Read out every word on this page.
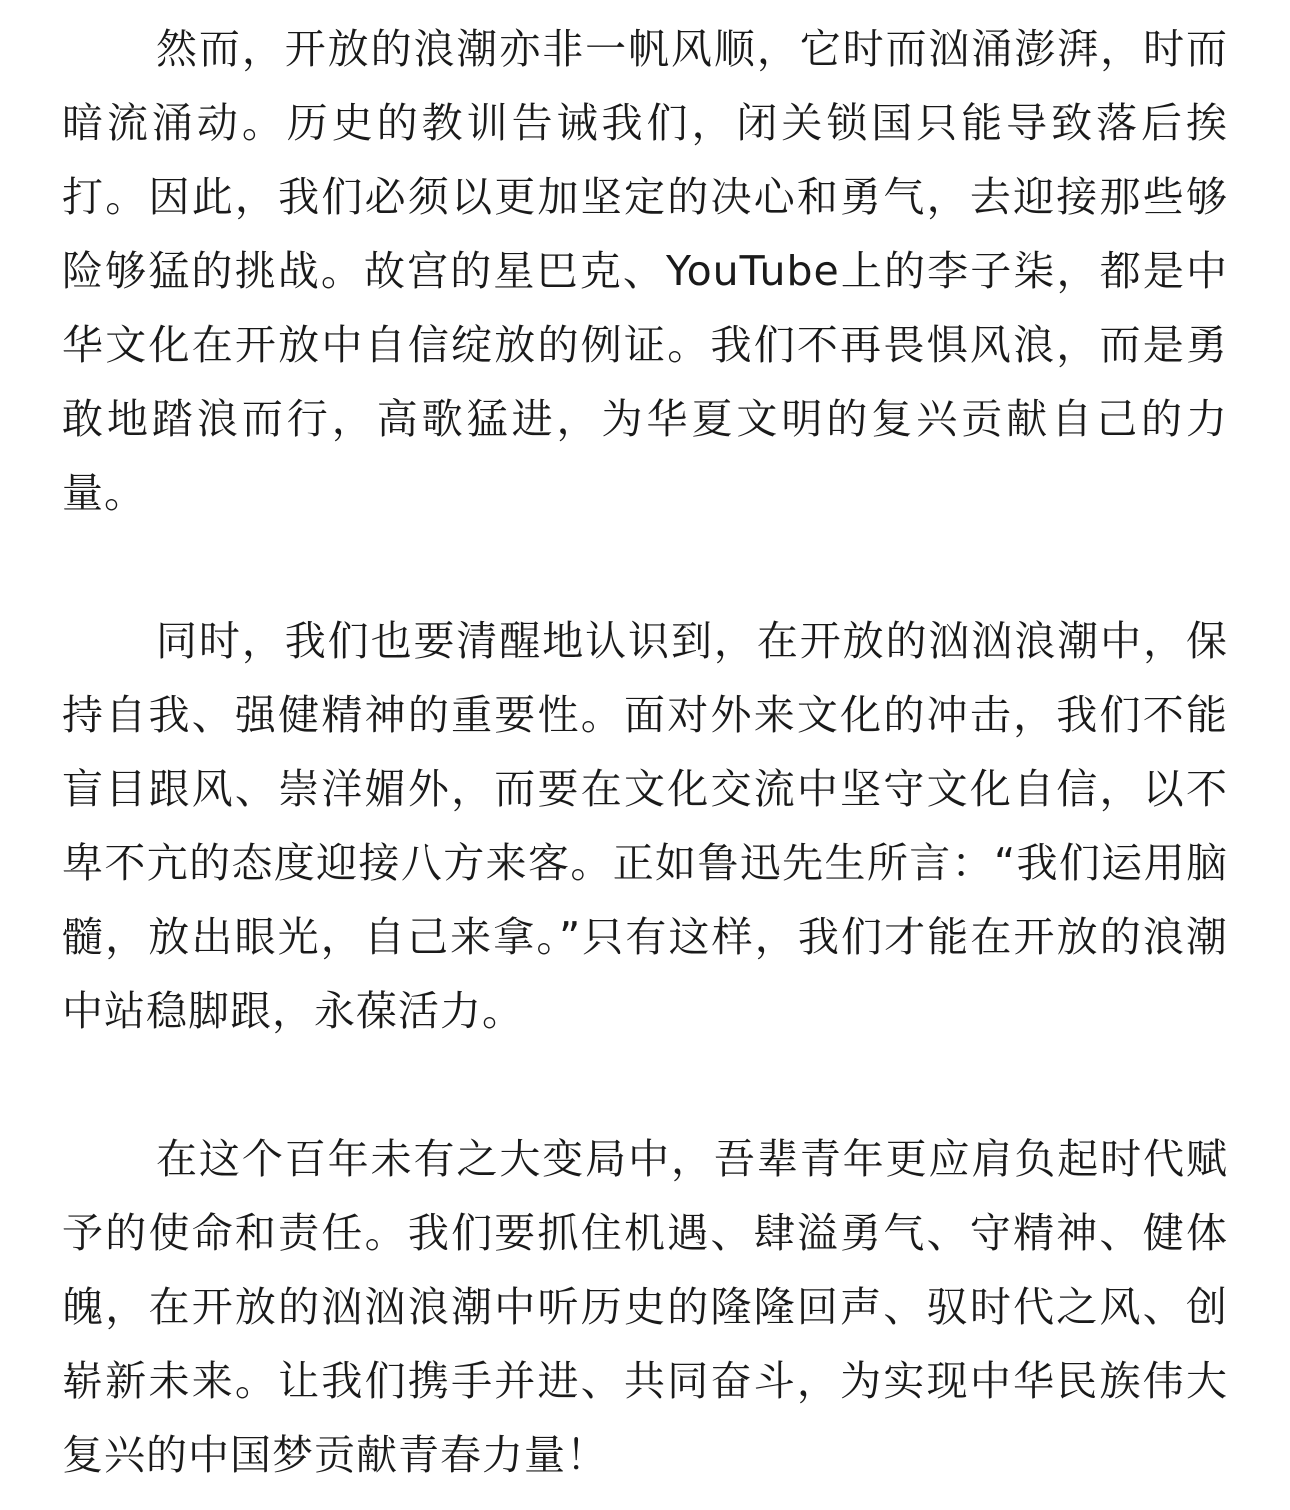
然而，开放的浪潮亦非一帆风顺，它时而汹涌澎湃，时而暗流涌动。历史的教训告诫我们，闭关锁国只能导致落后挨打。因此，我们必须以更加坚定的决心和勇气，去迎接那些够险够猛的挑战。故宫的星巴克、YouTube上的李子柒，都是中华文化在开放中自信绽放的例证。我们不再畏惧风浪，而是勇敢地踏浪而行，高歌猛进，为华夏文明的复兴贡献自己的力量。

同时，我们也要清醒地认识到，在开放的汹汹浪潮中，保持自我、强健精神的重要性。面对外来文化的冲击，我们不能盲目跟风、崇洋媚外，而要在文化交流中坚守文化自信，以不卑不亢的态度迎接八方来客。正如鲁迅先生所言：“我们运用脑髓，放出眼光，自己来拿。”只有这样，我们才能在开放的浪潮中站稳脚跟，永葆活力。

在这个百年未有之大变局中，吾辈青年更应肩负起时代赋予的使命和责任。我们要抓住机遇、肆溢勇气、守精神、健体魄，在开放的汹汹浪潮中听历史的隆隆回声、驭时代之风、创崭新未来。让我们携手并进、共同奋斗，为实现中华民族伟大复兴的中国梦贡献青春力量！
